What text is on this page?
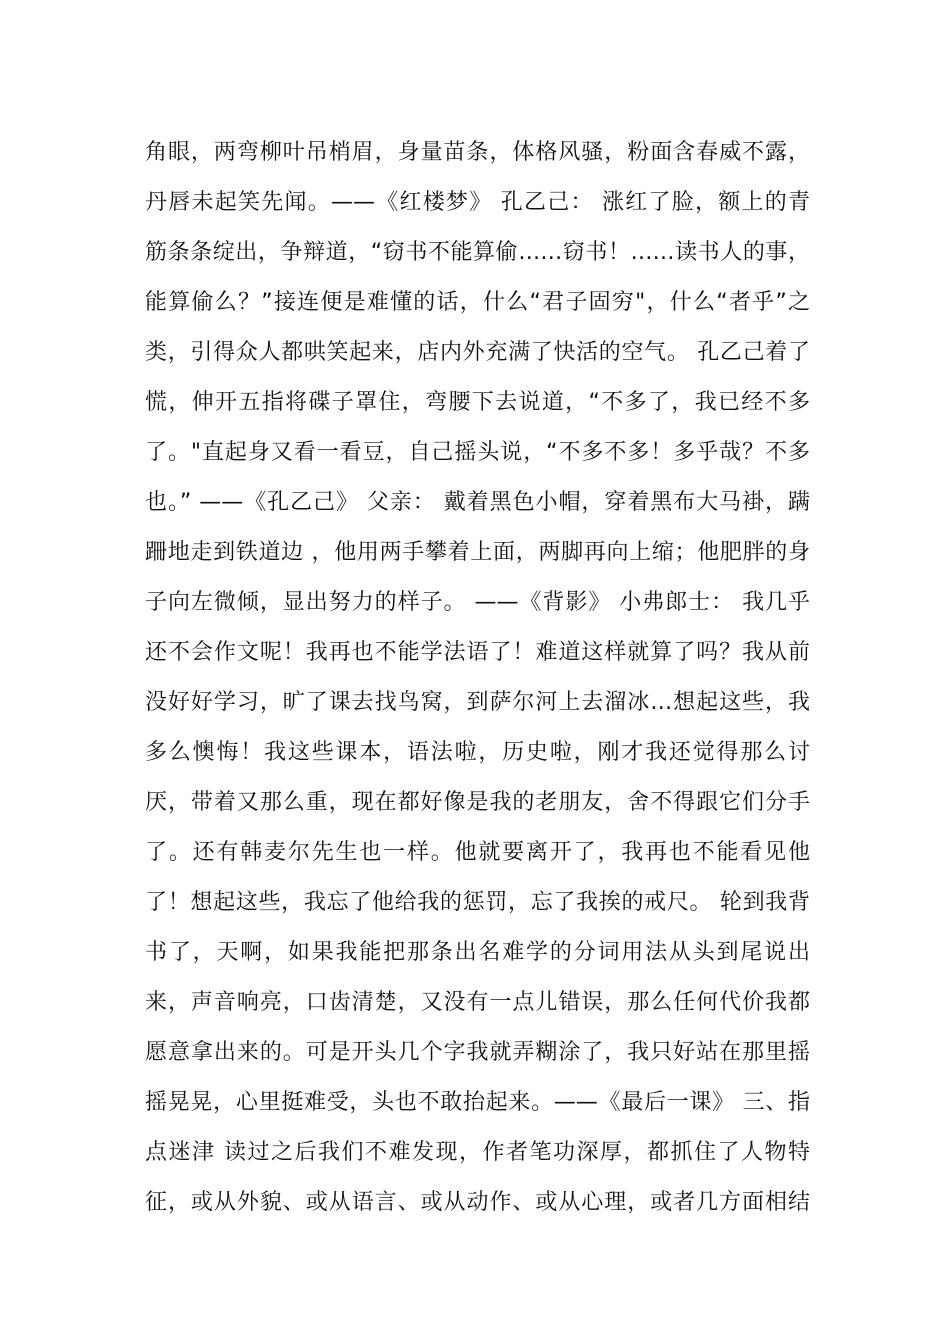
角眼，两弯柳叶吊梢眉，身量苗条，体格风骚，粉面含春威不露，
丹唇未起笑先闻。——《红楼梦》 孔乙己： 涨红了脸，额上的青
筋条条绽出，争辩道，“窃书不能算偷……窃书！……读书人的事，
能算偷么？”接连便是难懂的话，什么“君子固穷"，什么“者乎”之
类，引得众人都哄笑起来，店内外充满了快活的空气。 孔乙己着了
慌，伸开五指将碟子罩住，弯腰下去说道，“不多了，我已经不多
了。"直起身又看一看豆，自己摇头说，“不多不多！多乎哉？不多
也。” ——《孔乙己》 父亲： 戴着黑色小帽，穿着黑布大马褂，蹒
跚地走到铁道边 ，他用两手攀着上面，两脚再向上缩；他肥胖的身
子向左微倾，显出努力的样子。 ——《背影》 小弗郎士： 我几乎
还不会作文呢！我再也不能学法语了！难道这样就算了吗？我从前
没好好学习，旷了课去找鸟窝，到萨尔河上去溜冰…想起这些，我
多么懊悔！我这些课本，语法啦，历史啦，刚才我还觉得那么讨
厌，带着又那么重，现在都好像是我的老朋友，舍不得跟它们分手
了。还有韩麦尔先生也一样。他就要离开了，我再也不能看见他
了！想起这些，我忘了他给我的惩罚，忘了我挨的戒尺。 轮到我背
书了，天啊，如果我能把那条出名难学的分词用法从头到尾说出
来，声音响亮，口齿清楚，又没有一点儿错误，那么任何代价我都
愿意拿出来的。可是开头几个字我就弄糊涂了，我只好站在那里摇
摇晃晃，心里挺难受，头也不敢抬起来。——《最后一课》 三、指
点迷津 读过之后我们不难发现，作者笔功深厚，都抓住了人物特
征，或从外貌、或从语言、或从动作、或从心理，或者几方面相结
